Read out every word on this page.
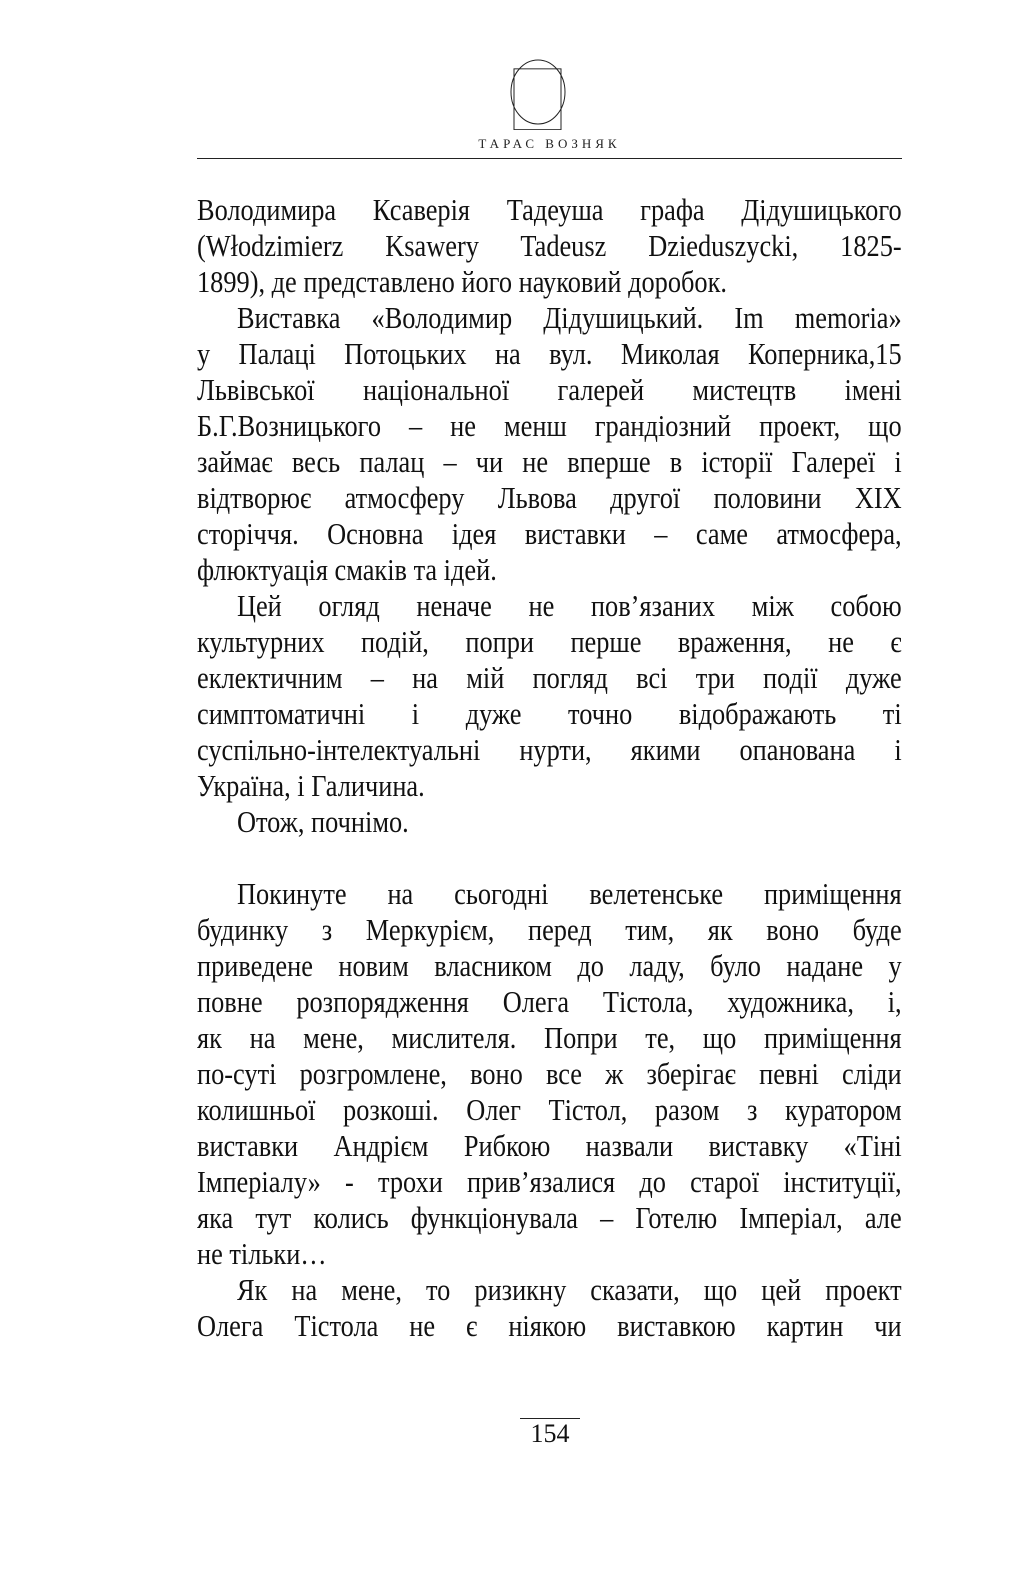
ТАРАС ВОЗНЯК
Володимира Ксаверія Тадеуша графа Дідушицького
(Włodzimierz Ksawery Tadeusz Dzieduszycki, 1825-
1899), де представлено його науковий доробок.
Виставка «Володимир Дідушицький. Im memoria»
у Палаці Потоцьких на вул. Миколая Коперника,15
Львівської національної галерей мистецтв імені
Б.Г.Возницького – не менш грандіозний проект, що
займає весь палац – чи не вперше в історії Галереї і
відтворює атмосферу Львова другої половини XIX
сторіччя. Основна ідея виставки – саме атмосфера,
флюктуація смаків та ідей.
Цей огляд неначе не пов’язаних між собою
культурних подій, попри перше враження, не є
еклектичним – на мій погляд всі три події дуже
симптоматичні і дуже точно відображають ті
суспільно-інтелектуальні нурти, якими опанована і
Україна, і Галичина.
Отож, почнімо.
Покинуте на сьогодні велетенське приміщення
будинку з Меркурієм, перед тим, як воно буде
приведене новим власником до ладу, було надане у
повне розпорядження Олега Тістола, художника, і,
як на мене, мислителя. Попри те, що приміщення
по-суті розгромлене, воно все ж зберігає певні сліди
колишньої розкоші. Олег Тістол, разом з куратором
виставки Андрієм Рибкою назвали виставку «Тіні
Імперіалу» - трохи прив’язалися до старої інституції,
яка тут колись функціонувала – Готелю Імперіал, але
не тільки…
Як на мене, то ризикну сказати, що цей проект
Олега Тістола не є ніякою виставкою картин чи
154
